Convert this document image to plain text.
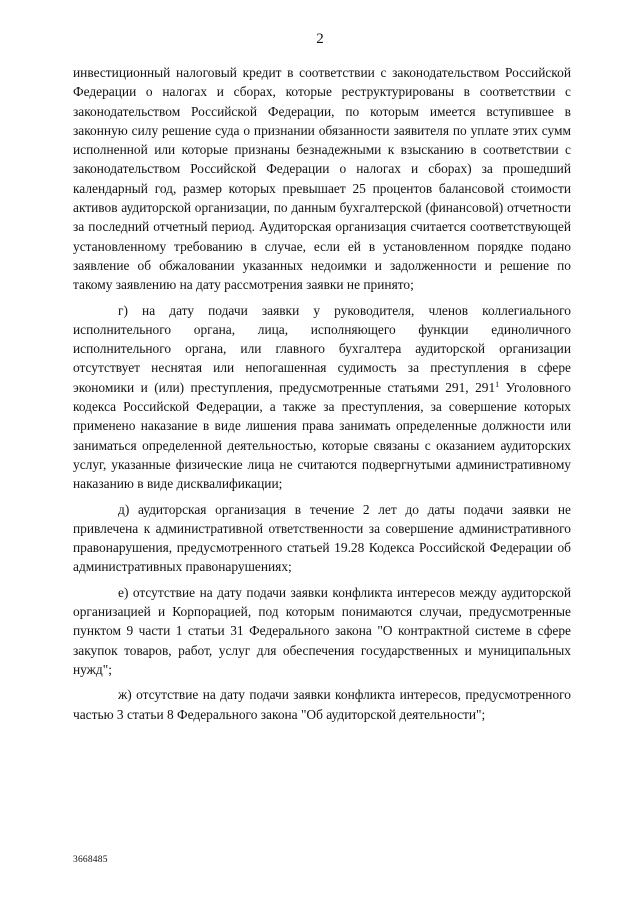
2

инвестиционный налоговый кредит в соответствии с законодательством Российской Федерации о налогах и сборах, которые реструктурированы в соответствии с законодательством Российской Федерации, по которым имеется вступившее в законную силу решение суда о признании обязанности заявителя по уплате этих сумм исполненной или которые признаны безнадежными к взысканию в соответствии с законодательством Российской Федерации о налогах и сборах) за прошедший календарный год, размер которых превышает 25 процентов балансовой стоимости активов аудиторской организации, по данным бухгалтерской (финансовой) отчетности за последний отчетный период. Аудиторская организация считается соответствующей установленному требованию в случае, если ей в установленном порядке подано заявление об обжаловании указанных недоимки и задолженности и решение по такому заявлению на дату рассмотрения заявки не принято;

г) на дату подачи заявки у руководителя, членов коллегиального исполнительного органа, лица, исполняющего функции единоличного исполнительного органа, или главного бухгалтера аудиторской организации отсутствует неснятая или непогашенная судимость за преступления в сфере экономики и (или) преступления, предусмотренные статьями 291, $291^1$ Уголовного кодекса Российской Федерации, а также за преступления, за совершение которых применено наказание в виде лишения права занимать определенные должности или заниматься определенной деятельностью, которые связаны с оказанием аудиторских услуг, указанные физические лица не считаются подвергнутыми административному наказанию в виде дисквалификации;

д) аудиторская организация в течение 2 лет до даты подачи заявки не привлечена к административной ответственности за совершение административного правонарушения, предусмотренного статьей 19.28 Кодекса Российской Федерации об административных правонарушениях;

е) отсутствие на дату подачи заявки конфликта интересов между аудиторской организацией и Корпорацией, под которым понимаются случаи, предусмотренные пунктом 9 части 1 статьи 31 Федерального закона "О контрактной системе в сфере закупок товаров, работ, услуг для обеспечения государственных и муниципальных нужд";

ж) отсутствие на дату подачи заявки конфликта интересов, предусмотренного частью 3 статьи 8 Федерального закона "Об аудиторской деятельности";

3668485
